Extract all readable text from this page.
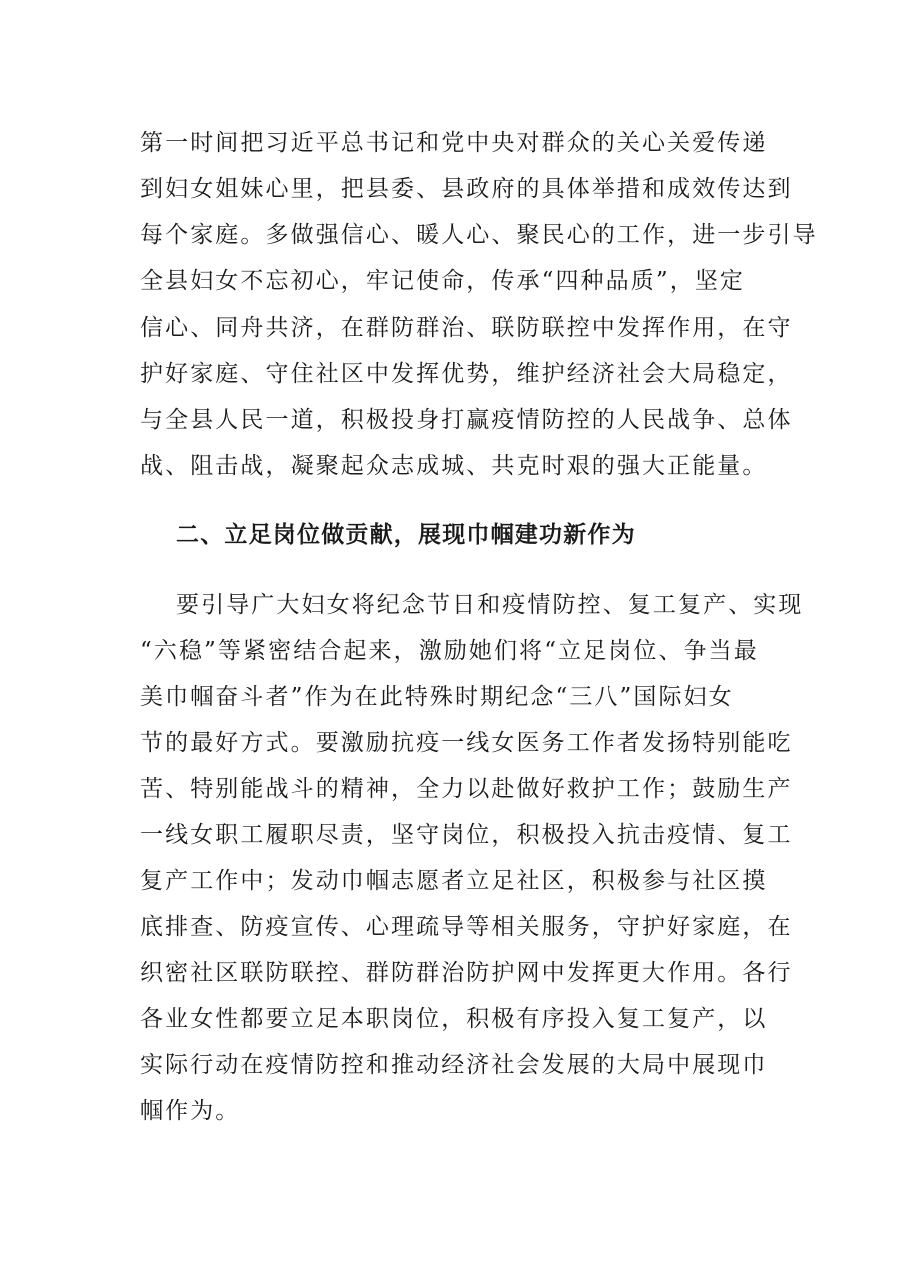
第一时间把习近平总书记和党中央对群众的关心关爱传递
到妇女姐妹心里，把县委、县政府的具体举措和成效传达到
每个家庭。多做强信心、暖人心、聚民心的工作，进一步引导
全县妇女不忘初心，牢记使命，传承“四种品质”，坚定
信心、同舟共济，在群防群治、联防联控中发挥作用，在守
护好家庭、守住社区中发挥优势，维护经济社会大局稳定，
与全县人民一道，积极投身打赢疫情防控的人民战争、总体
战、阻击战，凝聚起众志成城、共克时艰的强大正能量。
二、立足岗位做贡献，展现巾帼建功新作为
要引导广大妇女将纪念节日和疫情防控、复工复产、实现
“六稳”等紧密结合起来，激励她们将“立足岗位、争当最
美巾帼奋斗者”作为在此特殊时期纪念“三八”国际妇女
节的最好方式。要激励抗疫一线女医务工作者发扬特别能吃
苦、特别能战斗的精神，全力以赴做好救护工作；鼓励生产
一线女职工履职尽责，坚守岗位，积极投入抗击疫情、复工
复产工作中；发动巾帼志愿者立足社区，积极参与社区摸
底排查、防疫宣传、心理疏导等相关服务，守护好家庭，在
织密社区联防联控、群防群治防护网中发挥更大作用。各行
各业女性都要立足本职岗位，积极有序投入复工复产，以
实际行动在疫情防控和推动经济社会发展的大局中展现巾
帼作为。
